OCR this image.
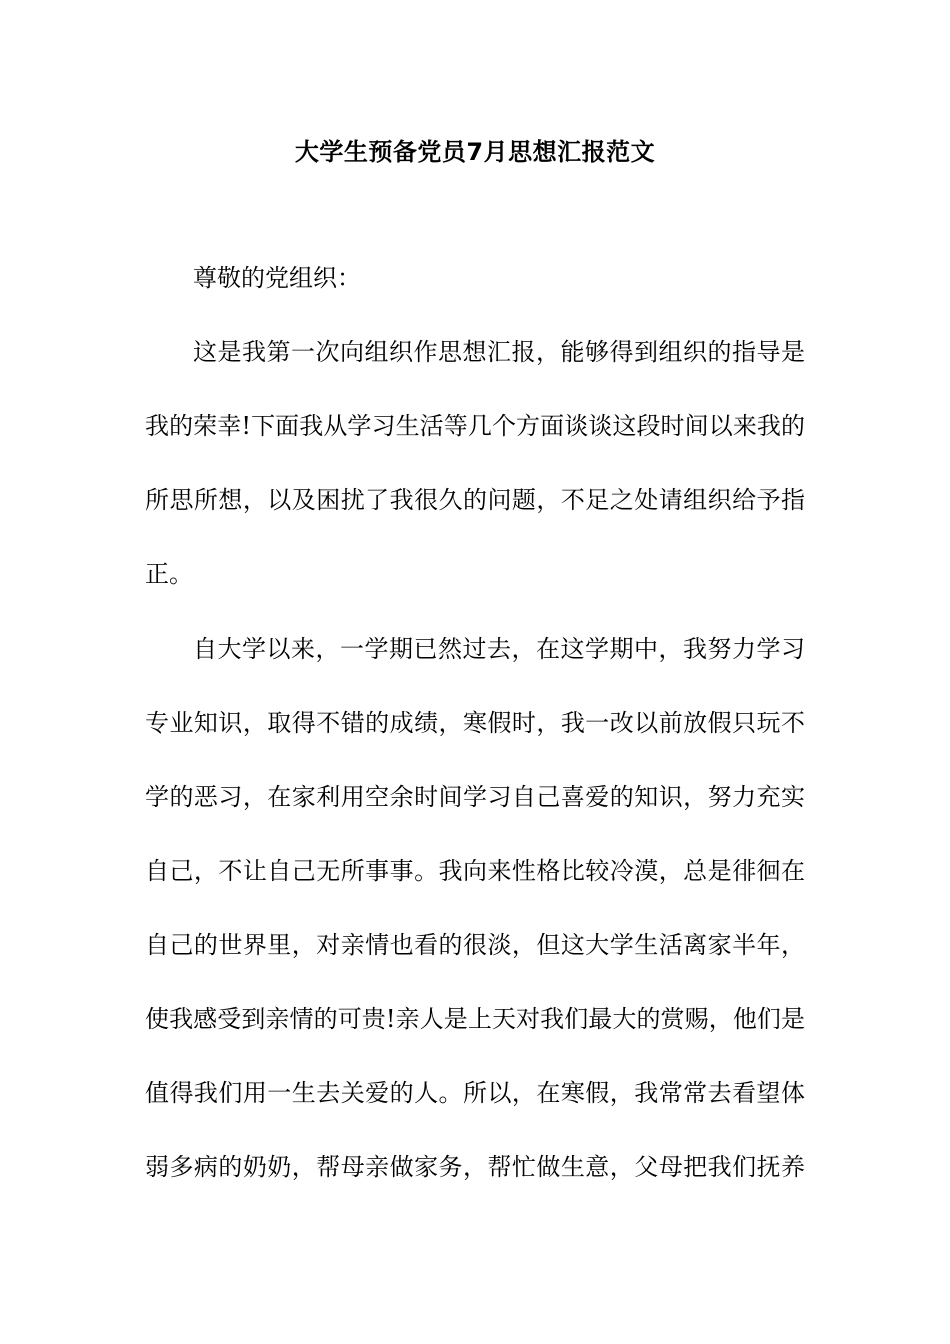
大学生预备党员7月思想汇报范文
尊敬的党组织：
这是我第一次向组织作思想汇报，能够得到组织的指导是
我的荣幸!下面我从学习生活等几个方面谈谈这段时间以来我的
所思所想，以及困扰了我很久的问题，不足之处请组织给予指
正。
自大学以来，一学期已然过去，在这学期中，我努力学习
专业知识，取得不错的成绩，寒假时，我一改以前放假只玩不
学的恶习，在家利用空余时间学习自己喜爱的知识，努力充实
自己，不让自己无所事事。我向来性格比较冷漠，总是徘徊在
自己的世界里，对亲情也看的很淡，但这大学生活离家半年，
使我感受到亲情的可贵!亲人是上天对我们最大的赏赐，他们是
值得我们用一生去关爱的人。所以，在寒假，我常常去看望体
弱多病的奶奶，帮母亲做家务，帮忙做生意，父母把我们抚养
